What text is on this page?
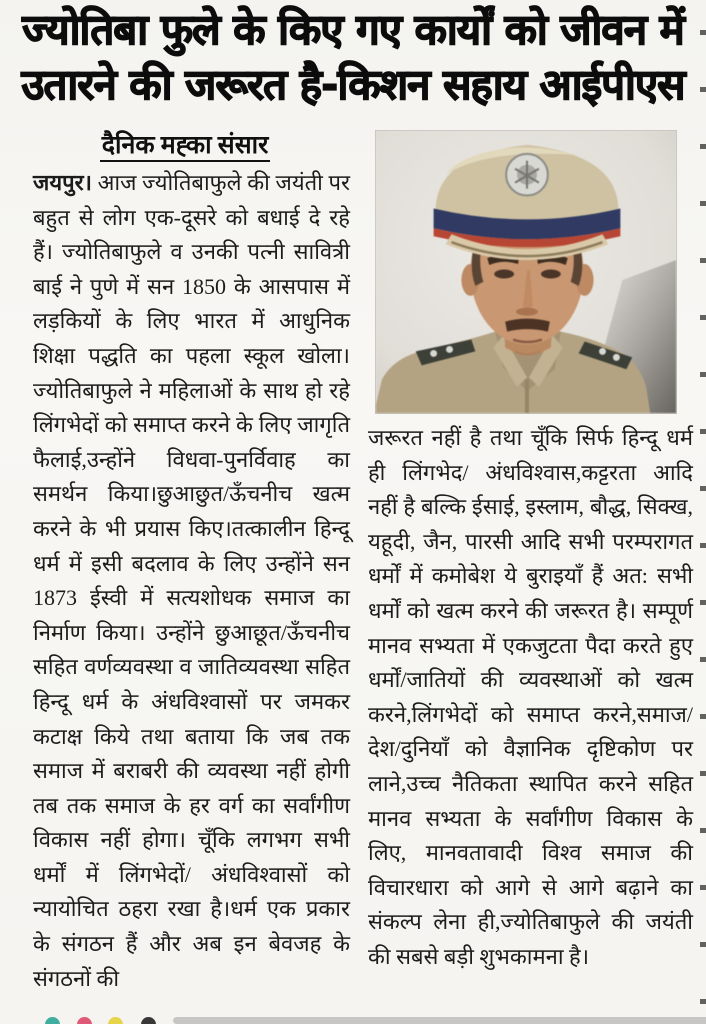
ज्योतिबा फुले के किए गए कार्यों को जीवन में
उतारने की जरूरत है-किशन सहाय आईपीएस
दैनिक मह्का संसार
जयपुर। आज ज्योतिबाफुले की जयंती पर बहुत से लोग एक-दूसरे को बधाई दे रहे हैं। ज्योतिबाफुले व उनकी पत्नी सावित्री बाई ने पुणे में सन 1850 के आसपास में लड़कियों के लिए भारत में आधुनिक शिक्षा पद्धति का पहला स्कूल खोला। ज्योतिबाफुले ने महिलाओं के साथ हो रहे लिंगभेदों को समाप्त करने के लिए जागृति फैलाई,उन्होंने विधवा-पुनर्विवाह का समर्थन किया।छुआछुत/ऊँचनीच खत्म करने के भी प्रयास किए।तत्कालीन हिन्दू धर्म में इसी बदलाव के लिए उन्होंने सन 1873 ईस्वी में सत्यशोधक समाज का निर्माण किया। उन्होंने छुआछूत/ऊँचनीच सहित वर्णव्यवस्था व जातिव्यवस्था सहित हिन्दू धर्म के अंधविश्वासों पर जमकर कटाक्ष किये तथा बताया कि जब तक समाज में बराबरी की व्यवस्था नहीं होगी तब तक समाज के हर वर्ग का सर्वांगीण विकास नहीं होगा। चूँकि लगभग सभी धर्मों में लिंगभेदों/ अंधविश्वासों को न्यायोचित ठहरा रखा है।धर्म एक प्रकार के संगठन हैं और अब इन बेवजह के संगठनों की
जरूरत नहीं है तथा चूँकि सिर्फ हिन्दू धर्म ही लिंगभेद/ अंधविश्वास,कट्टरता आदि नहीं है बल्कि ईसाई, इस्लाम, बौद्ध, सिक्ख, यहूदी, जैन, पारसी आदि सभी परम्परागत धर्मों में कमोबेश ये बुराइयाँ हैं अत: सभी धर्मों को खत्म करने की जरूरत है। सम्पूर्ण मानव सभ्यता में एकजुटता पैदा करते हुए धर्मों/जातियों की व्यवस्थाओं को खत्म करने,लिंगभेदों को समाप्त करने,समाज/देश/दुनियाँ को वैज्ञानिक दृष्टिकोण पर लाने,उच्च नैतिकता स्थापित करने सहित मानव सभ्यता के सर्वांगीण विकास के लिए, मानवतावादी विश्व समाज की विचारधारा को आगे से आगे बढ़ाने का संकल्प लेना ही,ज्योतिबाफुले की जयंती की सबसे बड़ी शुभकामना है।
